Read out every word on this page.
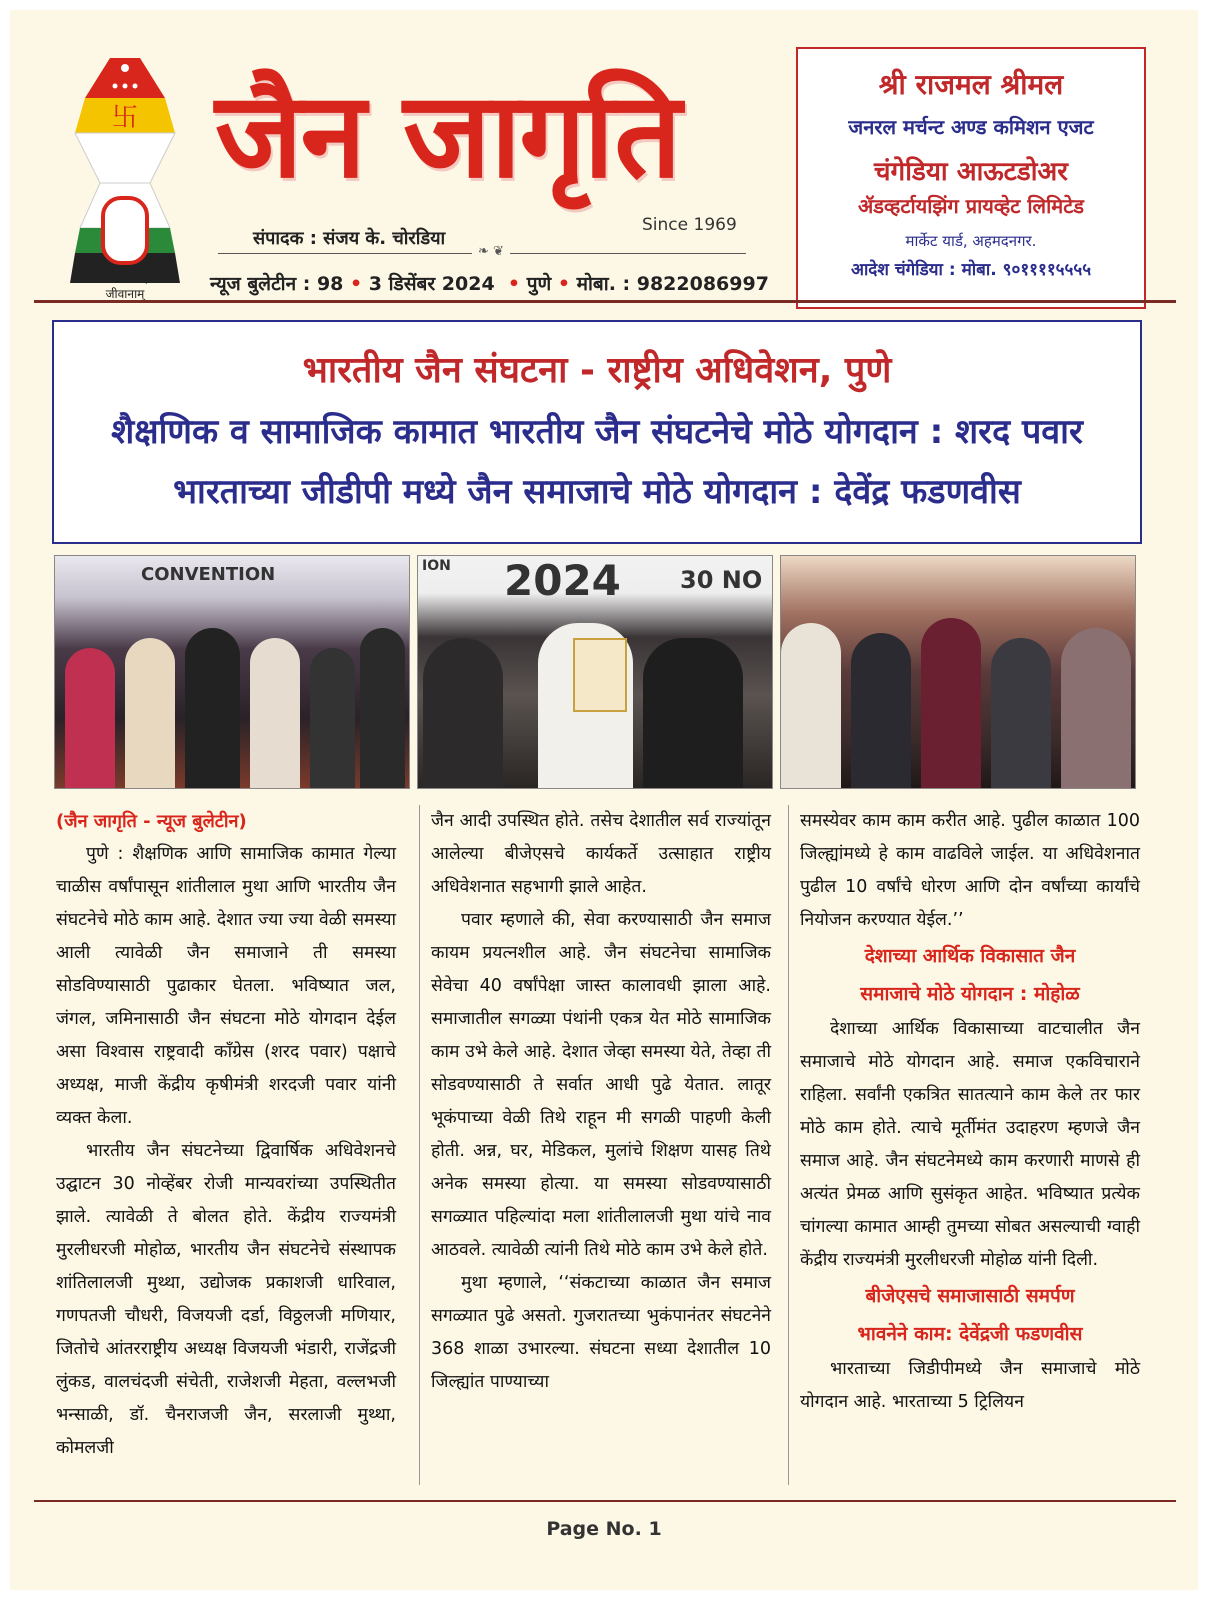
卐
परस्परोपग्रहो
जीवानाम्
जैन जागृति
Since 1969
संपादक : संजय के. चोरडिया
❧ ❦
न्यूज बुलेटीन : 98 • 3 डिसेंबर 2024 • पुणे • मोबा. : 9822086997
श्री राजमल श्रीमल
जनरल मर्चन्ट अण्ड कमिशन एजट
चंगेडिया आऊटडोअर
ॲडव्हर्टायझिंग प्रायव्हेट लिमिटेड
मार्केट यार्ड, अहमदनगर.
आदेश चंगेडिया : मोबा. ९०११११५५५५
भारतीय जैन संघटना - राष्ट्रीय अधिवेशन, पुणे
शैक्षणिक व सामाजिक कामात भारतीय जैन संघटनेचे मोठे योगदान : शरद पवार
भारताच्या जीडीपी मध्ये जैन समाजाचे मोठे योगदान : देवेंद्र फडणवीस
CONVENTION	ION 2024 30 NO

(जैन जागृति - न्यूज बुलेटीन)

पुणे : शैक्षणिक आणि सामाजिक कामात गेल्या चाळीस वर्षांपासून शांतीलाल मुथा आणि भारतीय जैन संघटनेचे मोठे काम आहे. देशात ज्या ज्या वेळी समस्या आली त्यावेळी जैन समाजाने ती समस्या सोडविण्यासाठी पुढाकार घेतला. भविष्यात जल, जंगल, जमिनासाठी जैन संघटना मोठे योगदान देईल असा विश्वास राष्ट्रवादी कॉंग्रेस (शरद पवार) पक्षाचे अध्यक्ष, माजी केंद्रीय कृषीमंत्री शरदजी पवार यांनी व्यक्त केला.

भारतीय जैन संघटनेच्या द्विवार्षिक अधिवेशनचे उद्घाटन 30 नोव्हेंबर रोजी मान्यवरांच्या उपस्थितीत झाले. त्यावेळी ते बोलत होते. केंद्रीय राज्यमंत्री मुरलीधरजी मोहोळ, भारतीय जैन संघटनेचे संस्थापक शांतिलालजी मुथ्था, उद्योजक प्रकाशजी धारिवाल, गणपतजी चौधरी, विजयजी दर्डा, विठ्ठलजी मणियार, जितोचे आंतरराष्ट्रीय अध्यक्ष विजयजी भंडारी, राजेंद्रजी लुंकड, वालचंदजी संचेती, राजेशजी मेहता, वल्लभजी भन्साळी, डॉ. चैनराजजी जैन, सरलाजी मुथ्था, कोमलजी

जैन आदी उपस्थित होते. तसेच देशातील सर्व राज्यांतून आलेल्या बीजेएसचे कार्यकर्ते उत्साहात राष्ट्रीय अधिवेशनात सहभागी झाले आहेत.

पवार म्हणाले की, सेवा करण्यासाठी जैन समाज कायम प्रयत्नशील आहे. जैन संघटनेचा सामाजिक सेवेचा 40 वर्षांपेक्षा जास्त कालावधी झाला आहे. समाजातील सगळ्या पंथांनी एकत्र येत मोठे सामाजिक काम उभे केले आहे. देशात जेव्हा समस्या येते, तेव्हा ती सोडवण्यासाठी ते सर्वात आधी पुढे येतात. लातूर भूकंपाच्या वेळी तिथे राहून मी सगळी पाहणी केली होती. अन्न, घर, मेडिकल, मुलांचे शिक्षण यासह तिथे अनेक समस्या होत्या. या समस्या सोडवण्यासाठी सगळ्यात पहिल्यांदा मला शांतीलालजी मुथा यांचे नाव आठवले. त्यावेळी त्यांनी तिथे मोठे काम उभे केले होते.

मुथा म्हणाले, ‘‘संकटाच्या काळात जैन समाज सगळ्यात पुढे असतो. गुजरातच्या भुकंपानंतर संघटनेने 368 शाळा उभारल्या. संघटना सध्या देशातील 10 जिल्ह्यांत पाण्याच्या

समस्येवर काम काम करीत आहे. पुढील काळात 100 जिल्ह्यांमध्ये हे काम वाढविले जाईल. या अधिवेशनात पुढील 10 वर्षांचे धोरण आणि दोन वर्षांच्या कार्यांचे नियोजन करण्यात येईल.’’

देशाच्या आर्थिक विकासात जैन
समाजाचे मोठे योगदान : मोहोळ

देशाच्या आर्थिक विकासाच्या वाटचालीत जैन समाजाचे मोठे योगदान आहे. समाज एकविचाराने राहिला. सर्वांनी एकत्रित सातत्याने काम केले तर फार मोठे काम होते. त्याचे मूर्तीमंत उदाहरण म्हणजे जैन समाज आहे. जैन संघटनेमध्ये काम करणारी माणसे ही अत्यंत प्रेमळ आणि सुसंकृत आहेत. भविष्यात प्रत्येक चांगल्या कामात आम्ही तुमच्या सोबत असल्याची ग्वाही केंद्रीय राज्यमंत्री मुरलीधरजी मोहोळ यांनी दिली.

बीजेएसचे समाजासाठी समर्पण
भावनेने काम: देवेंद्रजी फडणवीस

भारताच्या जिडीपीमध्ये जैन समाजाचे मोठे योगदान आहे. भारताच्या 5 ट्रिलियन

Page No. 1
